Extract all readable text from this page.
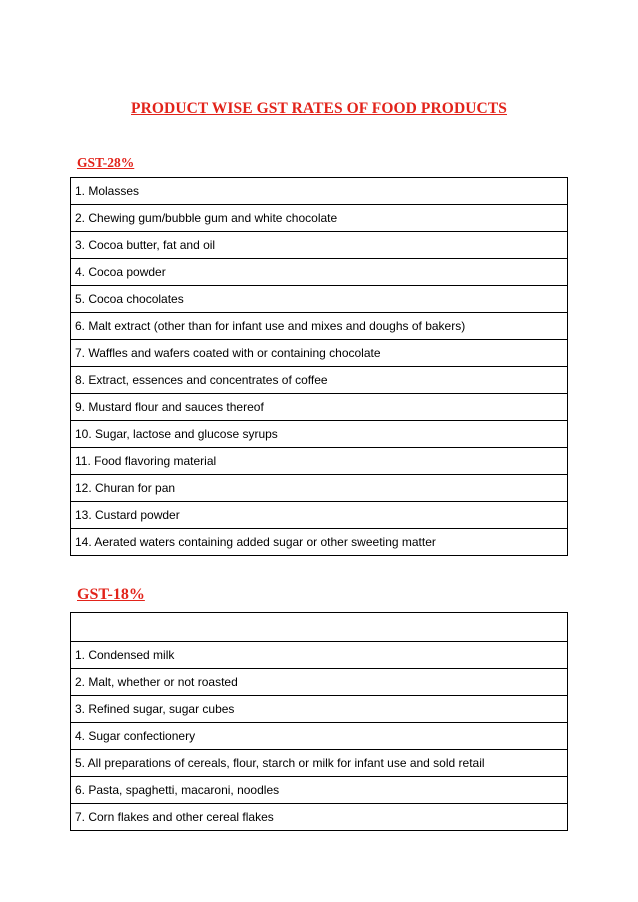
PRODUCT WISE GST RATES OF FOOD PRODUCTS
GST-28%
1. Molasses
2. Chewing gum/bubble gum and white chocolate
3. Cocoa butter, fat and oil
4. Cocoa powder
5. Cocoa chocolates
6. Malt extract (other than for infant use and mixes and doughs of bakers)
7. Waffles and wafers coated with or containing chocolate
8. Extract, essences and concentrates of coffee
9. Mustard flour and sauces thereof
10. Sugar, lactose and glucose syrups
11. Food flavoring material
12. Churan for pan
13. Custard powder
14. Aerated waters containing added sugar or other sweeting matter
GST-18%

1. Condensed milk
2. Malt, whether or not roasted
3. Refined sugar, sugar cubes
4. Sugar confectionery
5. All preparations of cereals, flour, starch or milk for infant use and sold retail
6. Pasta, spaghetti, macaroni, noodles
7. Corn flakes and other cereal flakes
